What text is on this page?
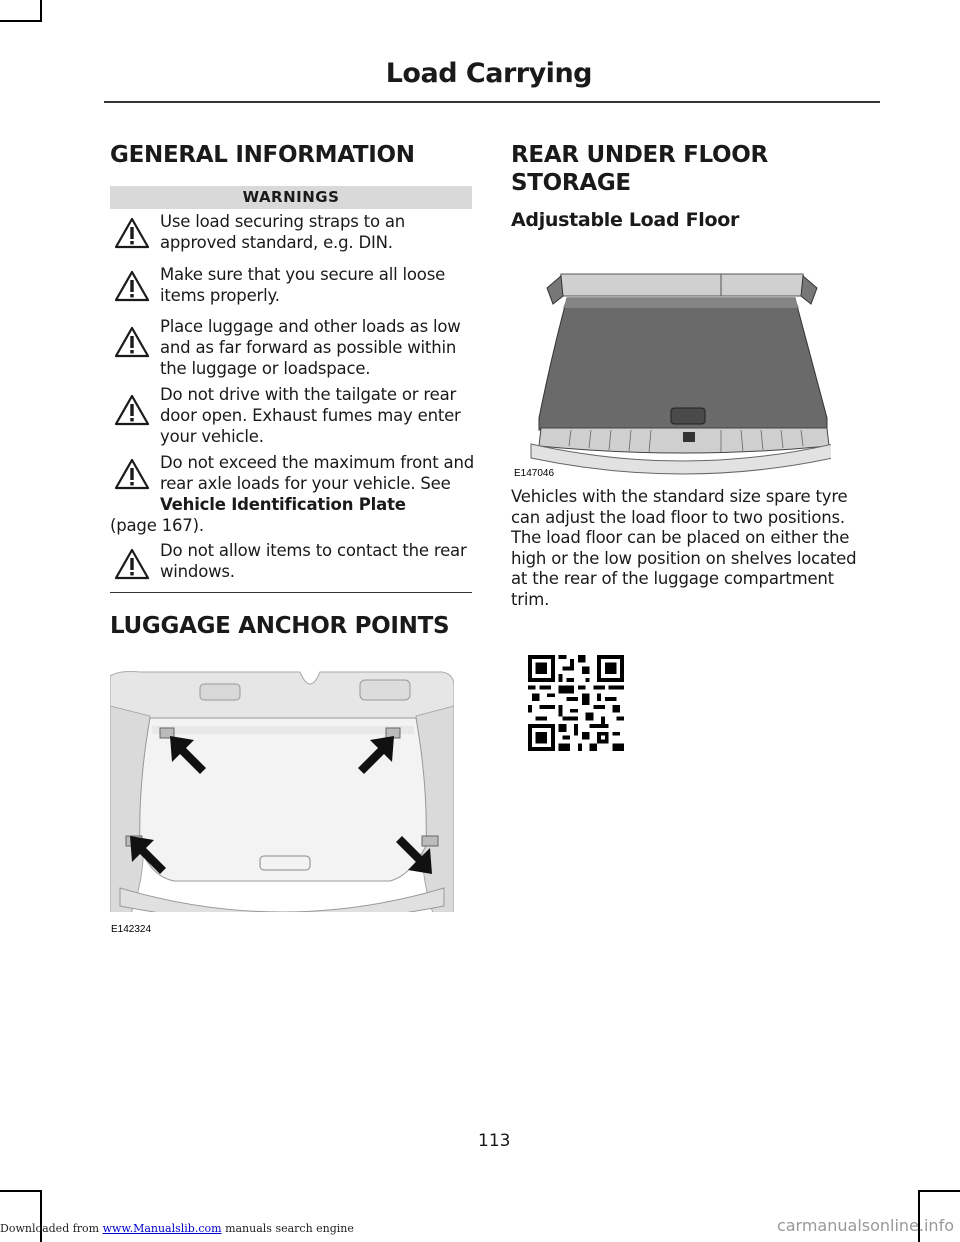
Load Carrying
GENERAL INFORMATION
WARNINGS
Use load securing straps to an approved standard, e.g. DIN.
Make sure that you secure all loose items properly.
Place luggage and other loads as low and as far forward as possible within the luggage or loadspace.
Do not drive with the tailgate or rear door open. Exhaust fumes may enter your vehicle.
Do not exceed the maximum front and rear axle loads for your vehicle. See Vehicle Identification Plate
(page 167).
Do not allow items to contact the rear windows.
LUGGAGE ANCHOR POINTS
E142324
REAR UNDER FLOOR
STORAGE
Adjustable Load Floor
E147046
Vehicles with the standard size spare tyre can adjust the load floor to two positions. The load floor can be placed on either the high or the low position on shelves located at the rear of the luggage compartment trim.
113
Downloaded from www.Manualslib.com manuals search engine	carmanualsonline.info
